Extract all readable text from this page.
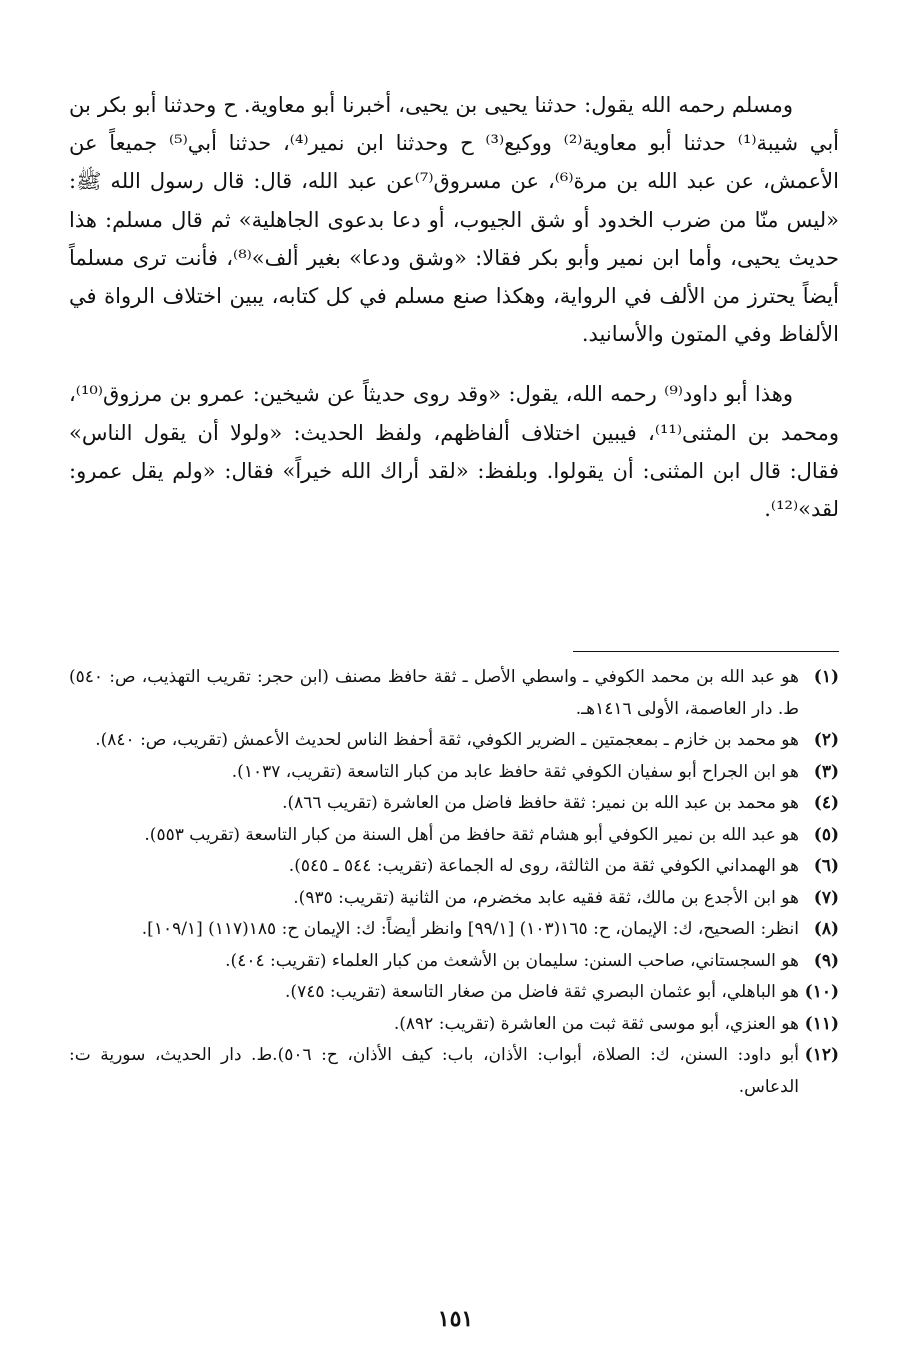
ومسلم رحمه الله يقول: حدثنا يحيى بن يحيى، أخبرنا أبو معاوية. ح وحدثنا أبو بكر بن أبي شيبة⁽¹⁾ حدثنا أبو معاوية⁽²⁾ ووكيع⁽³⁾ ح وحدثنا ابن نمير⁽⁴⁾، حدثنا أبي⁽⁵⁾ جميعاً عن الأعمش، عن عبد الله بن مرة⁽⁶⁾، عن مسروق⁽⁷⁾عن عبد الله، قال: قال رسول الله ﷺ: «ليس منّا من ضرب الخدود أو شق الجيوب، أو دعا بدعوى الجاهلية» ثم قال مسلم: هذا حديث يحيى، وأما ابن نمير وأبو بكر فقالا: «وشق ودعا» بغير ألف»⁽⁸⁾، فأنت ترى مسلماً أيضاً يحترز من الألف في الرواية، وهكذا صنع مسلم في كل كتابه، يبين اختلاف الرواة في الألفاظ وفي المتون والأسانيد.

وهذا أبو داود⁽⁹⁾ رحمه الله، يقول: «وقد روى حديثاً عن شيخين: عمرو بن مرزوق⁽¹⁰⁾، ومحمد بن المثنى⁽¹¹⁾، فيبين اختلاف ألفاظهم، ولفظ الحديث: «ولولا أن يقول الناس» فقال: قال ابن المثنى: أن يقولوا. وبلفظ: «لقد أراك الله خيراً» فقال: «ولم يقل عمرو: لقد»⁽¹²⁾.

(١)
هو عبد الله بن محمد الكوفي ـ واسطي الأصل ـ ثقة حافظ مصنف (ابن حجر: تقريب التهذيب، ص: ٥٤٠) ط. دار العاصمة، الأولى ١٤١٦هـ.
(٢)
هو محمد بن خازم ـ بمعجمتين ـ الضرير الكوفي، ثقة أحفظ الناس لحديث الأعمش (تقريب، ص: ٨٤٠).
(٣)
هو ابن الجراح أبو سفيان الكوفي ثقة حافظ عابد من كبار التاسعة (تقريب، ١٠٣٧).
(٤)
هو محمد بن عبد الله بن نمير: ثقة حافظ فاضل من العاشرة (تقريب ٨٦٦).
(٥)
هو عبد الله بن نمير الكوفي أبو هشام ثقة حافظ من أهل السنة من كبار التاسعة (تقريب ٥٥٣).
(٦)
هو الهمداني الكوفي ثقة من الثالثة، روى له الجماعة (تقريب: ٥٤٤ ـ ٥٤٥).
(٧)
هو ابن الأجدع بن مالك، ثقة فقيه عابد مخضرم، من الثانية (تقريب: ٩٣٥).
(٨)
انظر: الصحيح، ك: الإيمان، ح: ١٦٥(١٠٣) [٩٩/١] وانظر أيضاً: ك: الإيمان ح: ١٨٥(١١٧) [١٠٩/١].
(٩)
هو السجستاني، صاحب السنن: سليمان بن الأشعث من كبار العلماء (تقريب: ٤٠٤).
(١٠)
هو الباهلي، أبو عثمان البصري ثقة فاضل من صغار التاسعة (تقريب: ٧٤٥).
(١١)
هو العنزي، أبو موسى ثقة ثبت من العاشرة (تقريب: ٨٩٢).
(١٢)
أبو داود: السنن، ك: الصلاة، أبواب: الأذان، باب: كيف الأذان، ح: ٥٠٦).ط. دار الحديث، سورية ت: الدعاس.
١٥١
